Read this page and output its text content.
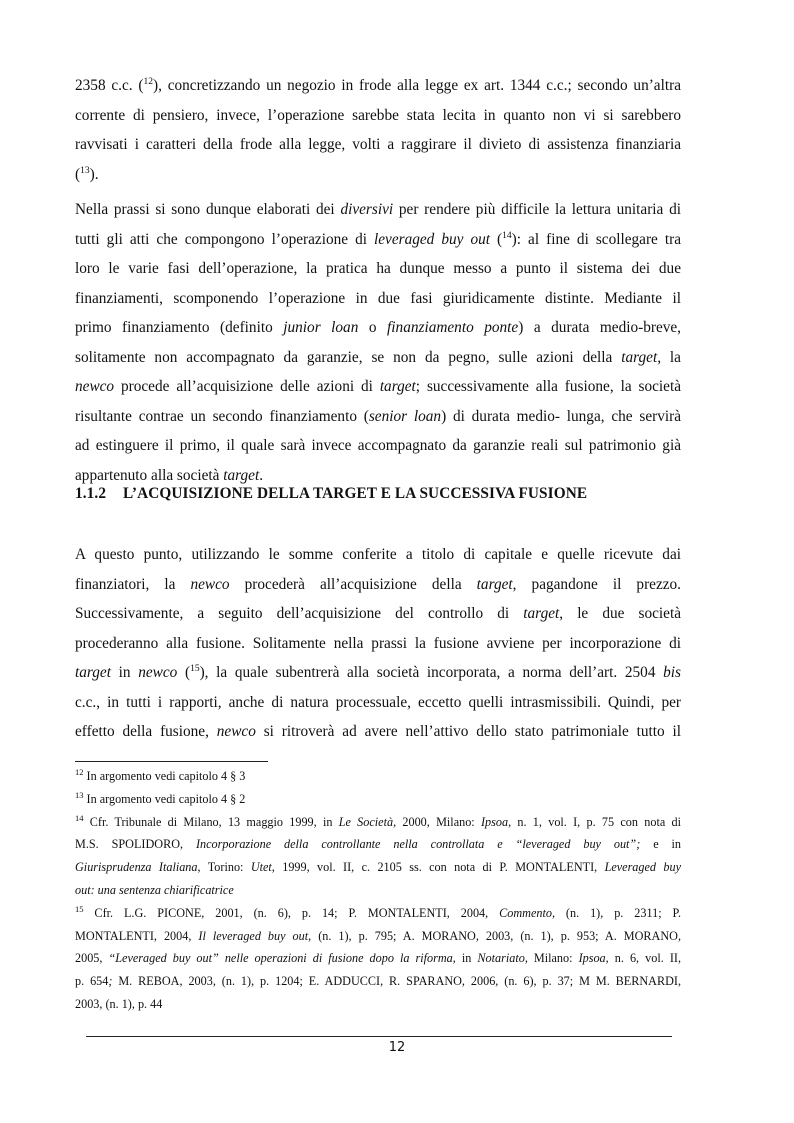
2358 c.c. ($^{12}$), concretizzando un negozio in frode alla legge ex art. 1344 c.c.; secondo un’altra
corrente di pensiero, invece, l’operazione sarebbe stata lecita in quanto non vi si sarebbero
ravvisati i caratteri della frode alla legge, volti a raggirare il divieto di assistenza finanziaria
($^{13}$).

Nella prassi si sono dunque elaborati dei diversivi per rendere più difficile la lettura unitaria di
tutti gli atti che compongono l’operazione di leveraged buy out ($^{14}$): al fine di scollegare tra
loro le varie fasi dell’operazione, la pratica ha dunque messo a punto il sistema dei due
finanziamenti, scomponendo l’operazione in due fasi giuridicamente distinte. Mediante il
primo finanziamento (definito junior loan o finanziamento ponte) a durata medio-breve,
solitamente non accompagnato da garanzie, se non da pegno, sulle azioni della target, la
newco procede all’acquisizione delle azioni di target; successivamente alla fusione, la società
risultante contrae un secondo finanziamento (senior loan) di durata medio- lunga, che servirà
ad estinguere il primo, il quale sarà invece accompagnato da garanzie reali sul patrimonio già
appartenuto alla società target.

1.1.2 L’ACQUISIZIONE DELLA TARGET E LA SUCCESSIVA FUSIONE

A questo punto, utilizzando le somme conferite a titolo di capitale e quelle ricevute dai
finanziatori, la newco procederà all’acquisizione della target, pagandone il prezzo.
Successivamente, a seguito dell’acquisizione del controllo di target, le due società
procederanno alla fusione. Solitamente nella prassi la fusione avviene per incorporazione di
target in newco ($^{15}$), la quale subentrerà alla società incorporata, a norma dell’art. 2504 bis
c.c., in tutti i rapporti, anche di natura processuale, eccetto quelli intrasmissibili. Quindi, per
effetto della fusione, newco si ritroverà ad avere nell’attivo dello stato patrimoniale tutto il

$^{12}$ In argomento vedi capitolo 4 § 3

$^{13}$ In argomento vedi capitolo 4 § 2

$^{14}$ Cfr. Tribunale di Milano, 13 maggio 1999, in Le Società, 2000, Milano: Ipsoa, n. 1, vol. I, p. 75 con nota di
M.S. SPOLIDORO, Incorporazione della controllante nella controllata e “leveraged buy out”; e in
Giurisprudenza Italiana, Torino: Utet, 1999, vol. II, c. 2105 ss. con nota di P. MONTALENTI, Leveraged buy
out: una sentenza chiarificatrice

$^{15}$ Cfr. L.G. PICONE, 2001, (n. 6), p. 14; P. MONTALENTI, 2004, Commento, (n. 1), p. 2311; P.
MONTALENTI, 2004, Il leveraged buy out, (n. 1), p. 795; A. MORANO, 2003, (n. 1), p. 953; A. MORANO,
2005, “Leveraged buy out” nelle operazioni di fusione dopo la riforma, in Notariato, Milano: Ipsoa, n. 6, vol. II,
p. 654; M. REBOA, 2003, (n. 1), p. 1204; E. ADDUCCI, R. SPARANO, 2006, (n. 6), p. 37; M M. BERNARDI,
2003, (n. 1), p. 44

12
